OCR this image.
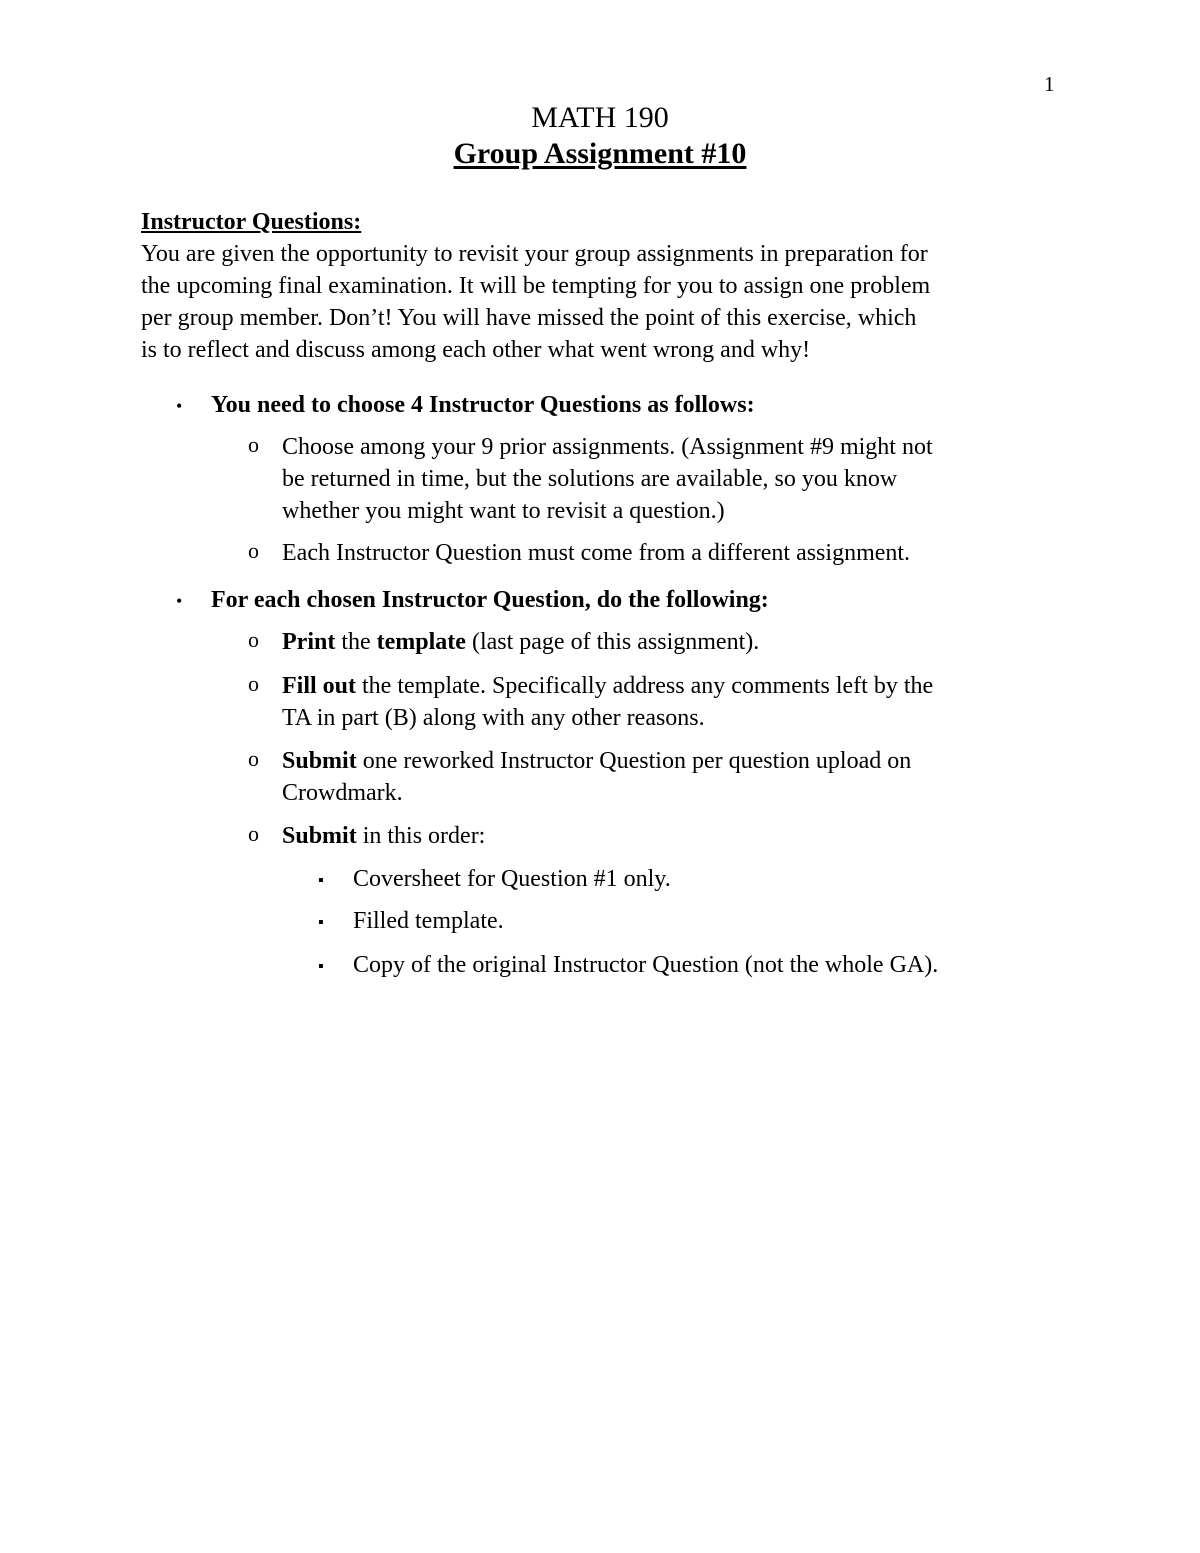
1
MATH 190
Group Assignment #10
Instructor Questions:
You are given the opportunity to revisit your group assignments in preparation for
the upcoming final examination. It will be tempting for you to assign one problem
per group member. Don’t! You will have missed the point of this exercise, which
is to reflect and discuss among each other what went wrong and why!
•	You need to choose 4 Instructor Questions as follows:
o Choose among your 9 prior assignments. (Assignment #9 might not
be returned in time, but the solutions are available, so you know
whether you might want to revisit a question.)
o Each Instructor Question must come from a different assignment.
•	For each chosen Instructor Question, do the following:
o Print the template (last page of this assignment).
o Fill out the template. Specifically address any comments left by the
TA in part (B) along with any other reasons.
o Submit one reworked Instructor Question per question upload on
Crowdmark.
o Submit in this order:
▪	Coversheet for Question #1 only.
▪	Filled template.
▪	Copy of the original Instructor Question (not the whole GA).
